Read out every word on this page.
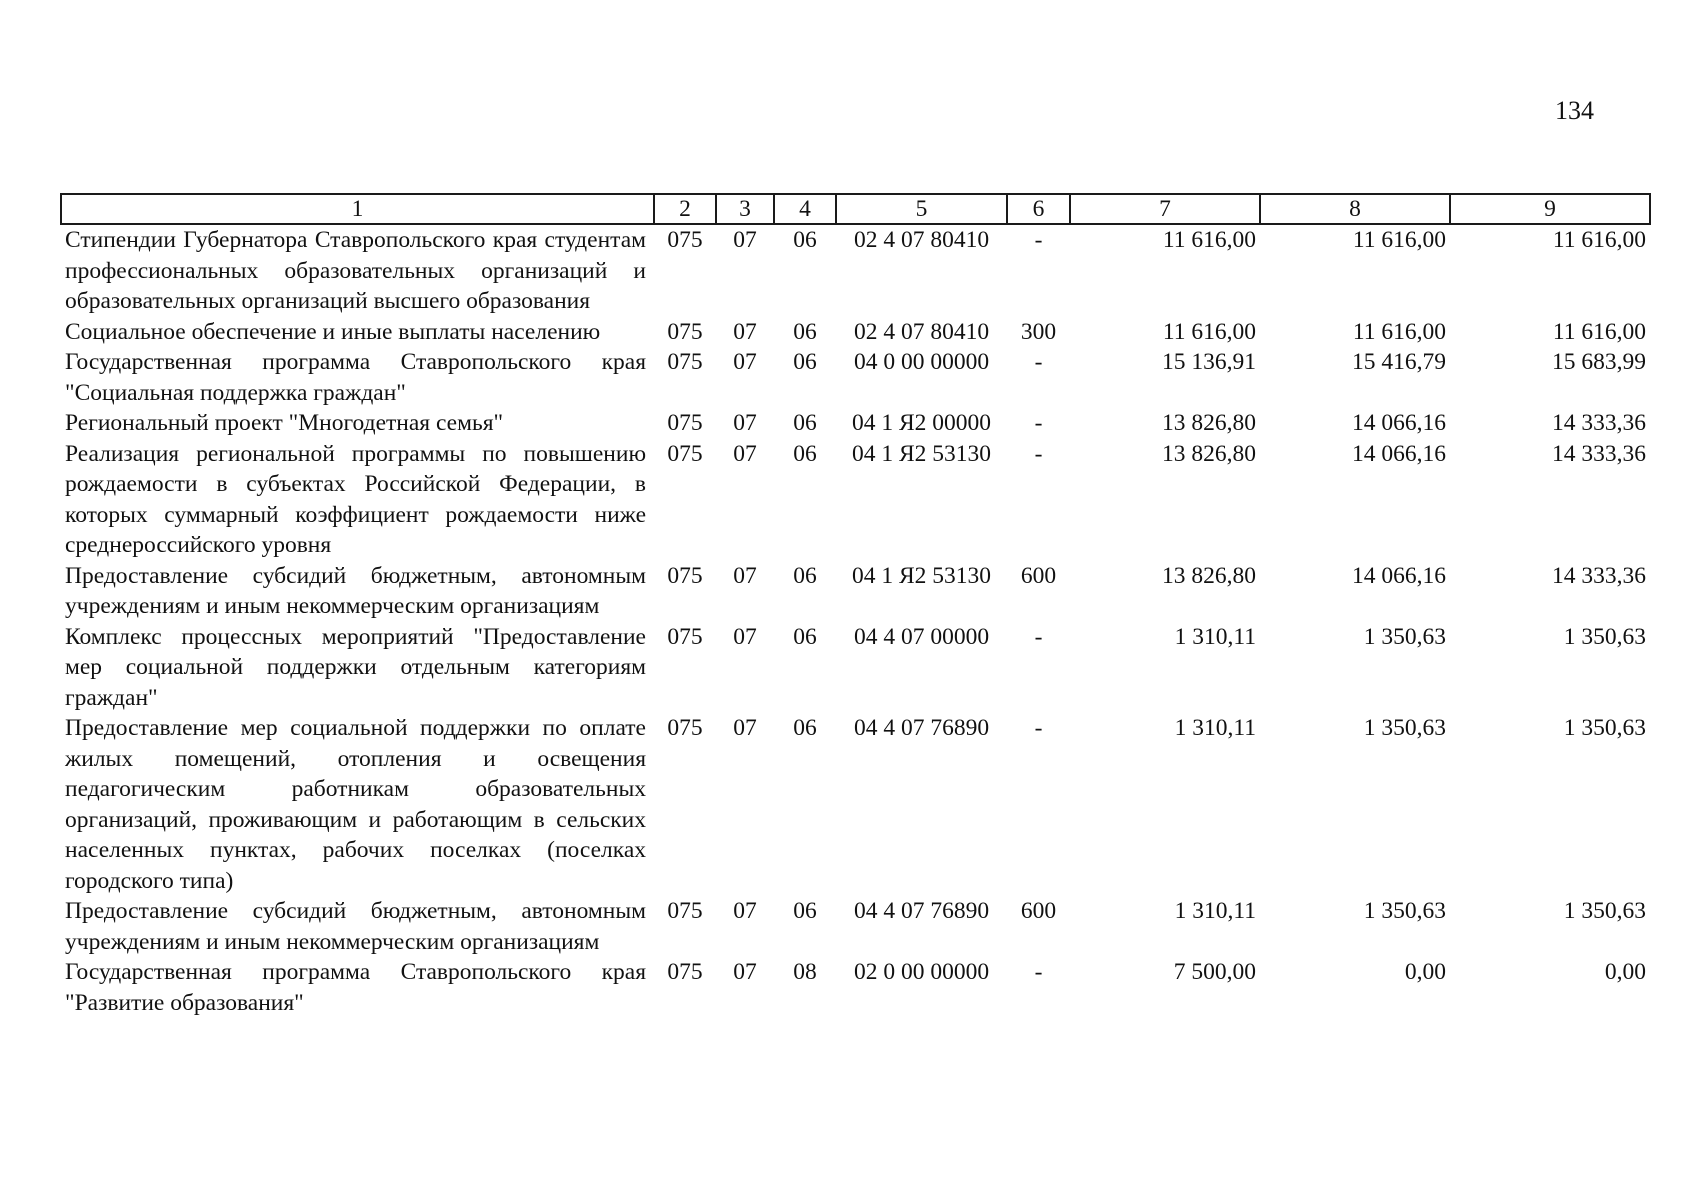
134
1	2	3	4	5	6	7	8	9
Стипендии Губернатора Ставропольского края студентам профессиональных образовательных организаций и образовательных организаций высшего образования	075	07	06	02 4 07 80410	-	11 616,00	11 616,00	11 616,00
Социальное обеспечение и иные выплаты населению	075	07	06	02 4 07 80410	300	11 616,00	11 616,00	11 616,00
Государственная программа Ставропольского края "Социальная поддержка граждан"	075	07	06	04 0 00 00000	-	15 136,91	15 416,79	15 683,99
Региональный проект "Многодетная семья"	075	07	06	04 1 Я2 00000	-	13 826,80	14 066,16	14 333,36
Реализация региональной программы по повышению рождаемости в субъектах Российской Федерации, в которых суммарный коэффициент рождаемости ниже среднероссийского уровня	075	07	06	04 1 Я2 53130	-	13 826,80	14 066,16	14 333,36
Предоставление субсидий бюджетным, автономным учреждениям и иным некоммерческим организациям	075	07	06	04 1 Я2 53130	600	13 826,80	14 066,16	14 333,36
Комплекс процессных мероприятий "Предоставление мер социальной поддержки отдельным категориям граждан"	075	07	06	04 4 07 00000	-	1 310,11	1 350,63	1 350,63
Предоставление мер социальной поддержки по оплате жилых помещений, отопления и освещения педагогическим работникам образовательных организаций, проживающим и работающим в сельских населенных пунктах, рабочих поселках (поселках городского типа)	075	07	06	04 4 07 76890	-	1 310,11	1 350,63	1 350,63
Предоставление субсидий бюджетным, автономным учреждениям и иным некоммерческим организациям	075	07	06	04 4 07 76890	600	1 310,11	1 350,63	1 350,63
Государственная программа Ставропольского края "Развитие образования"	075	07	08	02 0 00 00000	-	7 500,00	0,00	0,00
